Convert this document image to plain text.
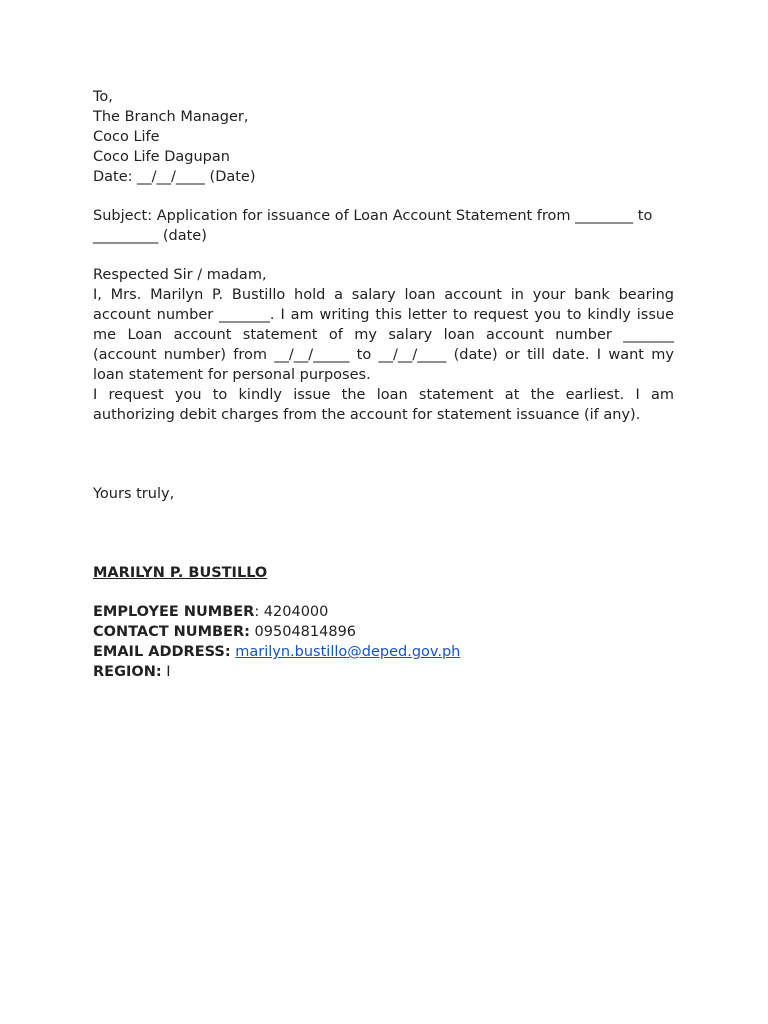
To,
The Branch Manager,
Coco Life
Coco Life Dagupan
Date: __/__/____ (Date)
Subject: Application for issuance of Loan Account Statement from ________ to _________ (date)
Respected Sir / madam,
I, Mrs. Marilyn P. Bustillo hold a salary loan account in your bank bearing account number _______. I am writing this letter to request you to kindly issue me Loan account statement of my salary loan account number _______ (account number) from __/__/_____ to __/__/____ (date) or till date. I want my loan statement for personal purposes.
I request you to kindly issue the loan statement at the earliest. I am authorizing debit charges from the account for statement issuance (if any).
Yours truly,
MARILYN P. BUSTILLO
EMPLOYEE NUMBER: 4204000
CONTACT NUMBER: 09504814896
EMAIL ADDRESS: marilyn.bustillo@deped.gov.ph
REGION: I
